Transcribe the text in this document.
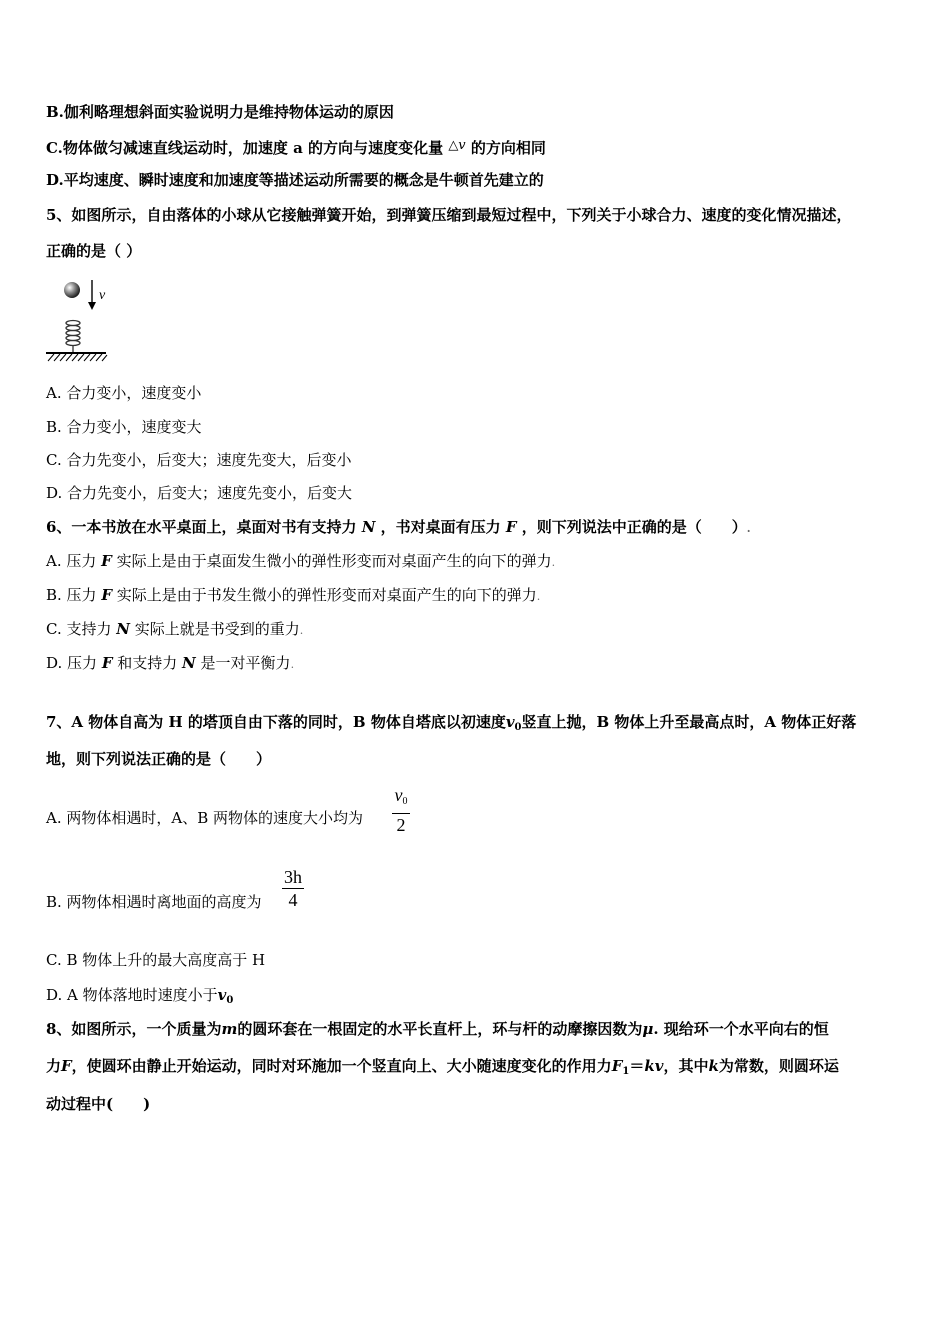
B.伽利略理想斜面实验说明力是维持物体运动的原因
C.物体做匀减速直线运动时，加速度 a 的方向与速度变化量 △v 的方向相同
D.平均速度、瞬时速度和加速度等描述运动所需要的概念是牛顿首先建立的
5、如图所示，自由落体的小球从它接触弹簧开始，到弹簧压缩到最短过程中，下列关于小球合力、速度的变化情况描述，
正确的是（ ）
v
A. 合力变小，速度变小
B. 合力变小，速度变大
C. 合力先变小，后变大；速度先变大，后变小
D. 合力先变小，后变大；速度先变小，后变大
6、一本书放在水平桌面上，桌面对书有支持力 N ，书对桌面有压力 F ，则下列说法中正确的是（　　）.
A. 压力 F 实际上是由于桌面发生微小的弹性形变而对桌面产生的向下的弹力.
B. 压力 F 实际上是由于书发生微小的弹性形变而对桌面产生的向下的弹力.
C. 支持力 N 实际上就是书受到的重力.
D. 压力 F 和支持力 N 是一对平衡力.
7、A 物体自高为 H 的塔顶自由下落的同时，B 物体自塔底以初速度$v_0$竖直上抛，B 物体上升至最高点时，A 物体正好落
地，则下列说法正确的是（　　）
A. 两物体相遇时，A、B 两物体的速度大小均为
$v_0$
2
B. 两物体相遇时离地面的高度为
3h
4
C. B 物体上升的最大高度高于 H
D. A 物体落地时速度小于$v_0$
8、如图所示，一个质量为m的圆环套在一根固定的水平长直杆上，环与杆的动摩擦因数为μ. 现给环一个水平向右的恒
力F，使圆环由静止开始运动，同时对环施加一个竖直向上、大小随速度变化的作用力$F_1=kv$，其中k为常数，则圆环运
动过程中(　　)
